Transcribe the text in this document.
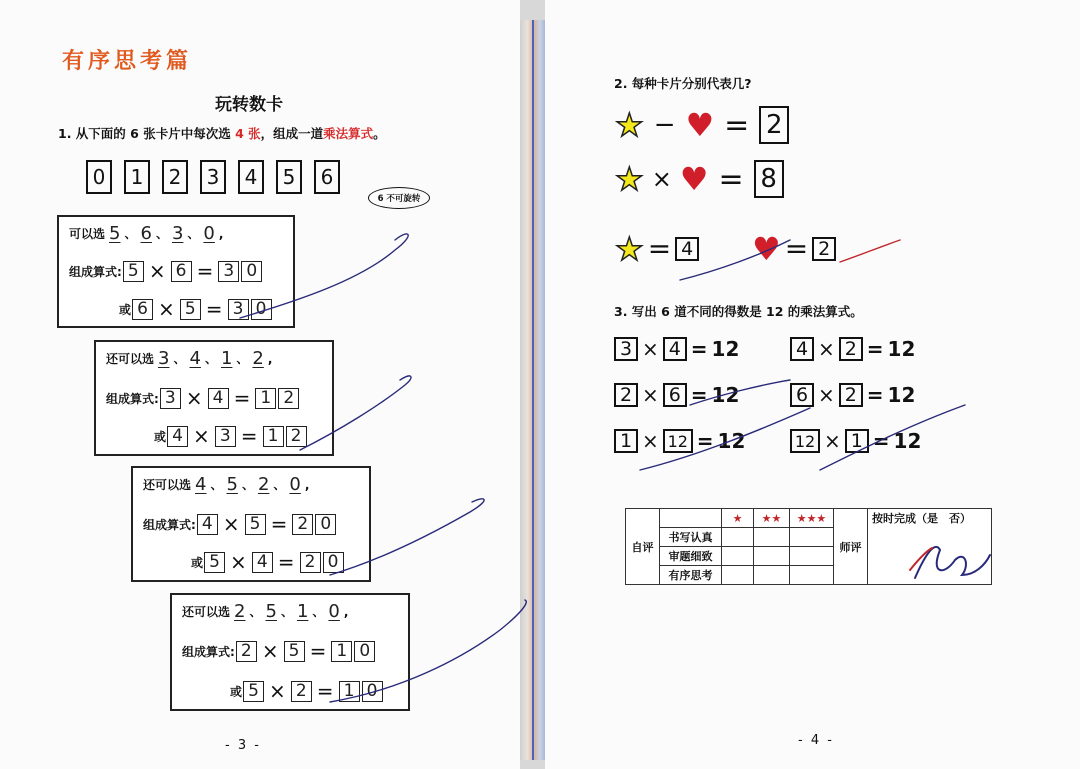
有序思考篇
玩转数卡
1. 从下面的 6 张卡片中每次选 4 张，组成一道乘法算式。
0	1	2	3	4	5	6
6 不可旋转
可以选 5 、 6 、 3 、 0 ,
组成算式: 5 × 6 = 3 0
或 6 × 5 = 3 0
还可以选 3 、 4 、 1 、 2 ,
组成算式: 3 × 4 = 1 2
或 4 × 3 = 1 2
还可以选 4 、 5 、 2 、 0 ,
组成算式: 4 × 5 = 2 0
或 5 × 4 = 2 0
还可以选 2 、 5 、 1 、 0 ,
组成算式: 2 × 5 = 1 0
或 5 × 2 = 1 0
- 3 -
2. 每种卡片分别代表几?
★ − ♥ = 2
★ × ♥ = 8
★ = 4 ♥ = 2
3. 写出 6 道不同的得数是 12 的乘法算式。
3 × 4 = 12	4 × 2 = 12
2 × 6 = 12	6 × 2 = 12
1 × 12 = 12	12 × 1 = 12
自评		★	★★	★★★	师评	按时完成（是　否）
	书写认真					
	审题细致					
	有序思考					
- 4 -
